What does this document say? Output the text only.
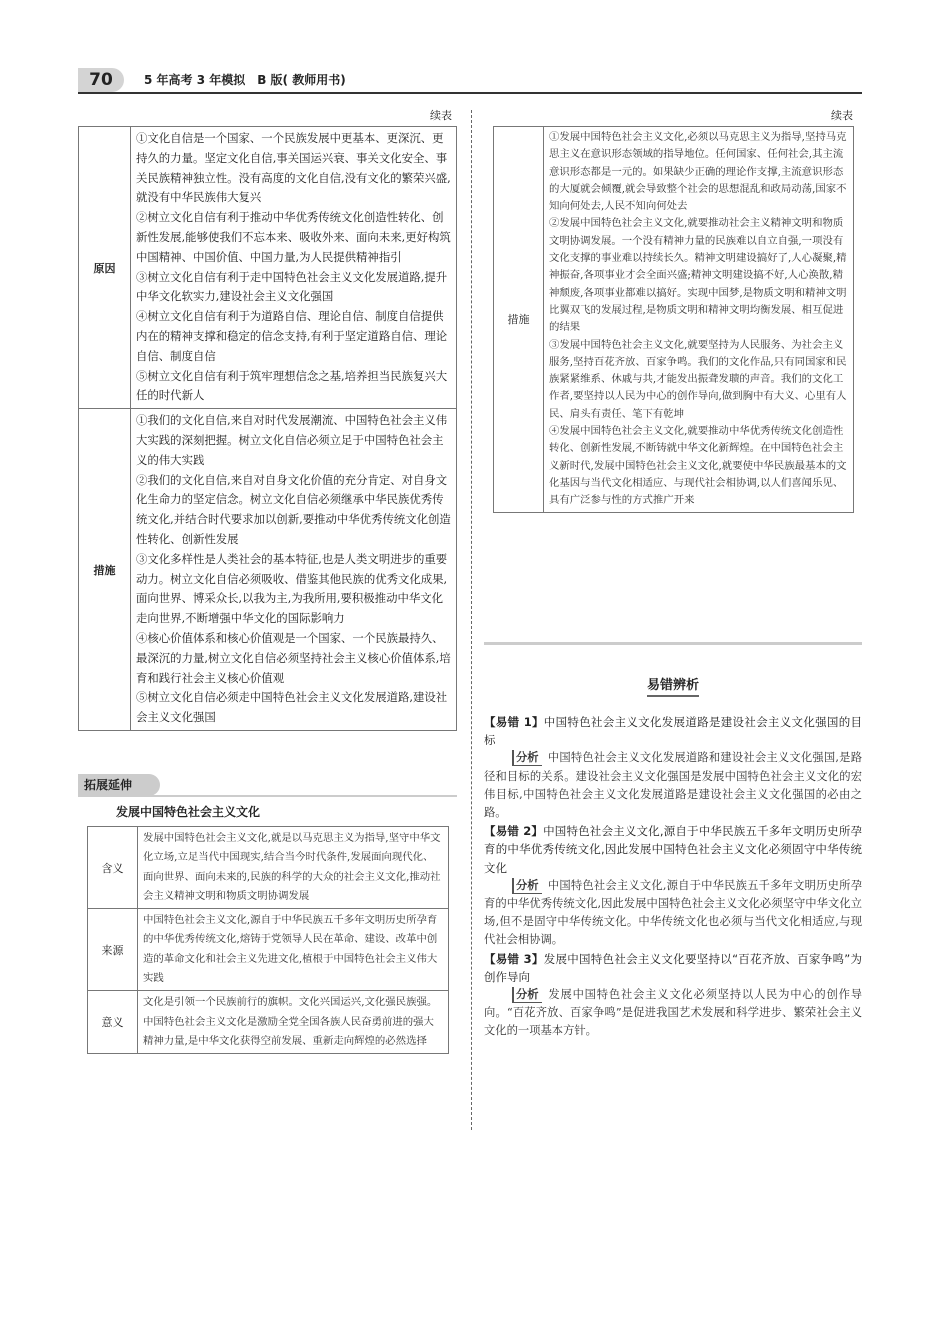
70	5 年高考 3 年模拟　B 版( 教师用书)
续表
原因	①文化自信是一个国家、一个民族发展中更基本、更深沉、更持久的力量。坚定文化自信,事关国运兴衰、事关文化安全、事关民族精神独立性。没有高度的文化自信,没有文化的繁荣兴盛,就没有中华民族伟大复兴

②树立文化自信有利于推动中华优秀传统文化创造性转化、创新性发展,能够使我们不忘本来、吸收外来、面向未来,更好构筑中国精神、中国价值、中国力量,为人民提供精神指引

③树立文化自信有利于走中国特色社会主义文化发展道路,提升中华文化软实力,建设社会主义文化强国

④树立文化自信有利于为道路自信、理论自信、制度自信提供内在的精神支撑和稳定的信念支持,有利于坚定道路自信、理论自信、制度自信

⑤树立文化自信有利于筑牢理想信念之基,培养担当民族复兴大任的时代新人

措施	①我们的文化自信,来自对时代发展潮流、中国特色社会主义伟大实践的深刻把握。树立文化自信必须立足于中国特色社会主义的伟大实践

②我们的文化自信,来自对自身文化价值的充分肯定、对自身文化生命力的坚定信念。树立文化自信必须继承中华民族优秀传统文化,并结合时代要求加以创新,要推动中华优秀传统文化创造性转化、创新性发展

③文化多样性是人类社会的基本特征,也是人类文明进步的重要动力。树立文化自信必须吸收、借鉴其他民族的优秀文化成果,面向世界、博采众长,以我为主,为我所用,要积极推动中华文化走向世界,不断增强中华文化的国际影响力

④核心价值体系和核心价值观是一个国家、一个民族最持久、最深沉的力量,树立文化自信必须坚持社会主义核心价值体系,培育和践行社会主义核心价值观

⑤树立文化自信必须走中国特色社会主义文化发展道路,建设社会主义文化强国

拓展延伸
发展中国特色社会主义文化
含义	发展中国特色社会主义文化,就是以马克思主义为指导,坚守中华文化立场,立足当代中国现实,结合当今时代条件,发展面向现代化、面向世界、面向未来的,民族的科学的大众的社会主义文化,推动社会主义精神文明和物质文明协调发展
来源	中国特色社会主义文化,源自于中华民族五千多年文明历史所孕育的中华优秀传统文化,熔铸于党领导人民在革命、建设、改革中创造的革命文化和社会主义先进文化,植根于中国特色社会主义伟大实践
意义	文化是引领一个民族前行的旗帜。文化兴国运兴,文化强民族强。中国特色社会主义文化是激励全党全国各族人民奋勇前进的强大精神力量,是中华文化获得空前发展、重新走向辉煌的必然选择
续表
措施	

①发展中国特色社会主义文化,必须以马克思主义为指导,坚持马克思主义在意识形态领域的指导地位。任何国家、任何社会,其主流意识形态都是一元的。如果缺少正确的理论作支撑,主流意识形态的大厦就会倾覆,就会导致整个社会的思想混乱和政局动荡,国家不知向何处去,人民不知向何处去

②发展中国特色社会主义文化,就要推动社会主义精神文明和物质文明协调发展。一个没有精神力量的民族难以自立自强,一项没有文化支撑的事业难以持续长久。精神文明建设搞好了,人心凝聚,精神振奋,各项事业才会全面兴盛;精神文明建设搞不好,人心涣散,精神颓废,各项事业都难以搞好。实现中国梦,是物质文明和精神文明比翼双飞的发展过程,是物质文明和精神文明均衡发展、相互促进的结果

③发展中国特色社会主义文化,就要坚持为人民服务、为社会主义服务,坚持百花齐放、百家争鸣。我们的文化作品,只有同国家和民族紧紧维系、休戚与共,才能发出振聋发聩的声音。我们的文化工作者,要坚持以人民为中心的创作导向,做到胸中有大义、心里有人民、肩头有责任、笔下有乾坤

④发展中国特色社会主义文化,就要推动中华优秀传统文化创造性转化、创新性发展,不断铸就中华文化新辉煌。在中国特色社会主义新时代,发展中国特色社会主义文化,就要使中华民族最基本的文化基因与当代文化相适应、与现代社会相协调,以人们喜闻乐见、具有广泛参与性的方式推广开来

易错辨析

【易错 1】中国特色社会主义文化发展道路是建设社会主义文化强国的目标

分析 中国特色社会主义文化发展道路和建设社会主义文化强国,是路径和目标的关系。建设社会主义文化强国是发展中国特色社会主义文化的宏伟目标,中国特色社会主义文化发展道路是建设社会主义文化强国的必由之路。

【易错 2】中国特色社会主义文化,源自于中华民族五千多年文明历史所孕育的中华优秀传统文化,因此发展中国特色社会主义文化必须固守中华传统文化

分析 中国特色社会主义文化,源自于中华民族五千多年文明历史所孕育的中华优秀传统文化,因此发展中国特色社会主义文化必须坚守中华文化立场,但不是固守中华传统文化。中华传统文化也必须与当代文化相适应,与现代社会相协调。

【易错 3】发展中国特色社会主义文化要坚持以“百花齐放、百家争鸣”为创作导向

分析 发展中国特色社会主义文化必须坚持以人民为中心的创作导向。“百花齐放、百家争鸣”是促进我国艺术发展和科学进步、繁荣社会主义文化的一项基本方针。
